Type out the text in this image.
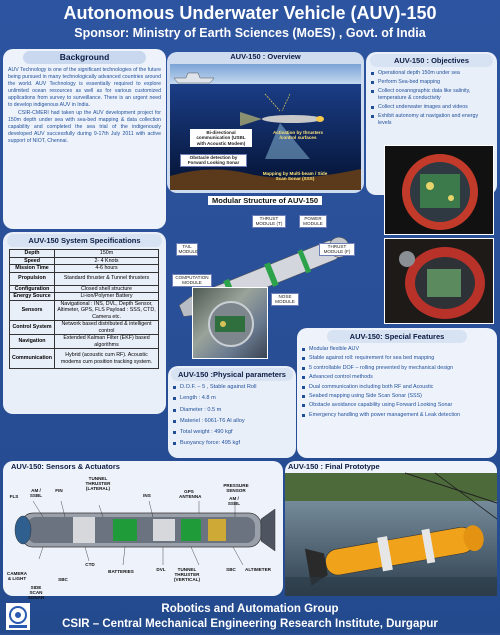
Autonomous Underwater Vehicle (AUV)-150
Sponsor: Ministry of Earth Sciences (MoES) , Govt. of India
Background

AUV Technology is one of the significant technologies of the future being pursued in many technologically advanced countries around the world. AUV Technology is essentially required to explore unlimited ocean resources as well as for various customized applications from survey to surveillance. There is an urgent need to develop indigenous AUV in India.

CSIR-CMERI had taken up the AUV development project for 150m depth under sea with sea-bed mapping & data collection capability and completed the sea trial of the indigenously developed AUV successfully during 9-17th July 2011 with active support of NIOT, Chennai.

AUV-150 : Overview
Bi-directional communication (USBL with Acoustic Modem)
Activation by thrusters /control surfaces
Obstacle detection by Forward Looking Sonar
Mapping by Multi-beam / Side Scan Sonar (SSS)
AUV-150 : Objectives
Operational depth 150m under sea
Perform Sea-bed mapping
Collect oceanographic data like salinity, temperature & conductivity
Collect underwater images and videos
Exhibit autonomy at navigation and energy levels
AUV-150 System Specifications
Depth	150m
Speed	2- 4 Knots
Mission Time	4-6 hours
Propulsion	Standard thruster & Tunnel thrusters
Configuration	Closed shell structure
Energy Source	Li-ion/Polymer Battery
Sensors	Navigational : INS, DVL, Depth Sensor, Altimeter, GPS, FLS Payload : SSS, CTD, Camera etc.
Control System	Network based distributed & intelligent control
Navigation	Extended Kalman Filter (EKF) based algorithms
Communication	Hybrid (acoustic cum RF). Acoustic modems cum position tracking system.
Modular Structure of AUV-150
THRUST MODULE (T)
POWER MODULE
TAIL MODULE
THRUST MODULE (F)
COMPUTATION MODULE
NOSE MODULE
AUV-150 :Physical parameters
D.O.F. – 5 , Stable against Roll
Length : 4.8 m
Diameter : 0.5 m
Materiel : 6061-T6 Al alloy
Total weight : 490 kgf
Buoyancy force: 495 kgf
AUV-150: Special Features
Modular flexible AUV
Stable against roll: requirement for sea bed mapping
5 controllable DOF – rolling prevented by mechanical design
Advanced control methods
Dual communication including both RF and Acoustic
Seabed mapping using Side Scan Sonar (SSS)
Obstacle avoidance capability using Forward Looking Sonar
Emergency handling with power management & Leak detection
AUV-150: Sensors & Actuators
FLS
AM / SSBL
FIN
TUNNEL THRUSTER (LATERAL)
INS
GPS ANTENNA
PRESSURE SENSOR
AM / SSBL
CAMERA & LIGHT
SIDE SCAN SONAR
SBC
CTD
BATTERIES	DVL	TUNNEL THRUSTER (VERTICAL)
SBC	ALTIMETER
AUV-150 : Final Prototype
Robotics and Automation Group
CSIR – Central Mechanical Engineering Research Institute, Durgapur
